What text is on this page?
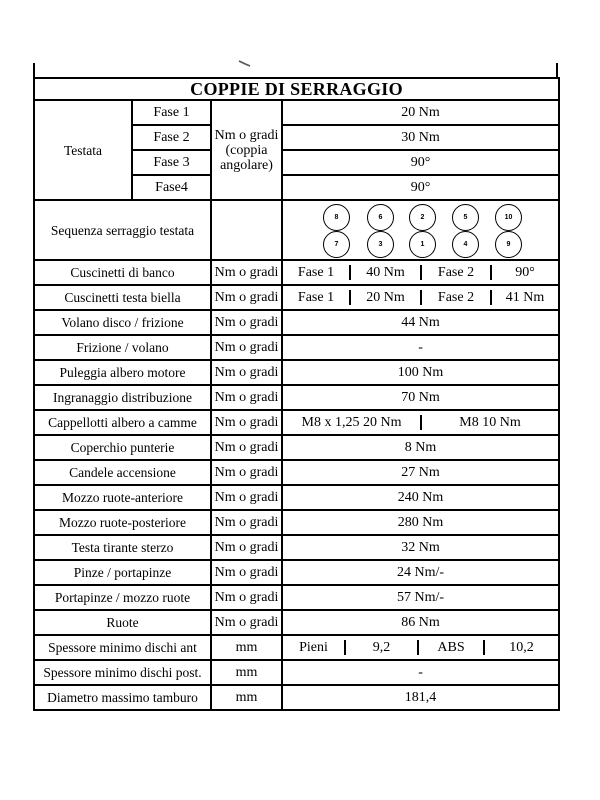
COPPIE DI SERRAGGIO
Testata	Fase 1	Nm o gradi (coppia angolare)	20 Nm
Fase 2	30 Nm
Fase 3	90°
Fase4	90°
Sequenza serraggio testata		
8	6	2	5	10
7	3	1	4	9

Cuscinetti di banco	Nm o gradi	Fase 1	40 Nm	Fase 2	90°

Cuscinetti testa biella	Nm o gradi	Fase 1	20 Nm	Fase 2	41 Nm

Volano disco / frizione	Nm o gradi	44 Nm
Frizione / volano	Nm o gradi	-
Puleggia albero motore	Nm o gradi	100 Nm
Ingranaggio distribuzione	Nm o gradi	70 Nm
Cappellotti albero a camme	Nm o gradi	M8 x 1,25 20 Nm	M8 10 Nm

Coperchio punterie	Nm o gradi	8 Nm
Candele accensione	Nm o gradi	27 Nm
Mozzo ruote-anteriore	Nm o gradi	240 Nm
Mozzo ruote-posteriore	Nm o gradi	280 Nm
Testa tirante sterzo	Nm o gradi	32 Nm
Pinze / portapinze	Nm o gradi	24 Nm/-
Portapinze / mozzo ruote	Nm o gradi	57 Nm/-
Ruote	Nm o gradi	86 Nm
Spessore minimo dischi ant	mm		Pieni	9,2	ABS	10,2

Spessore minimo dischi post.	mm	-
Diametro massimo tamburo	mm	181,4
